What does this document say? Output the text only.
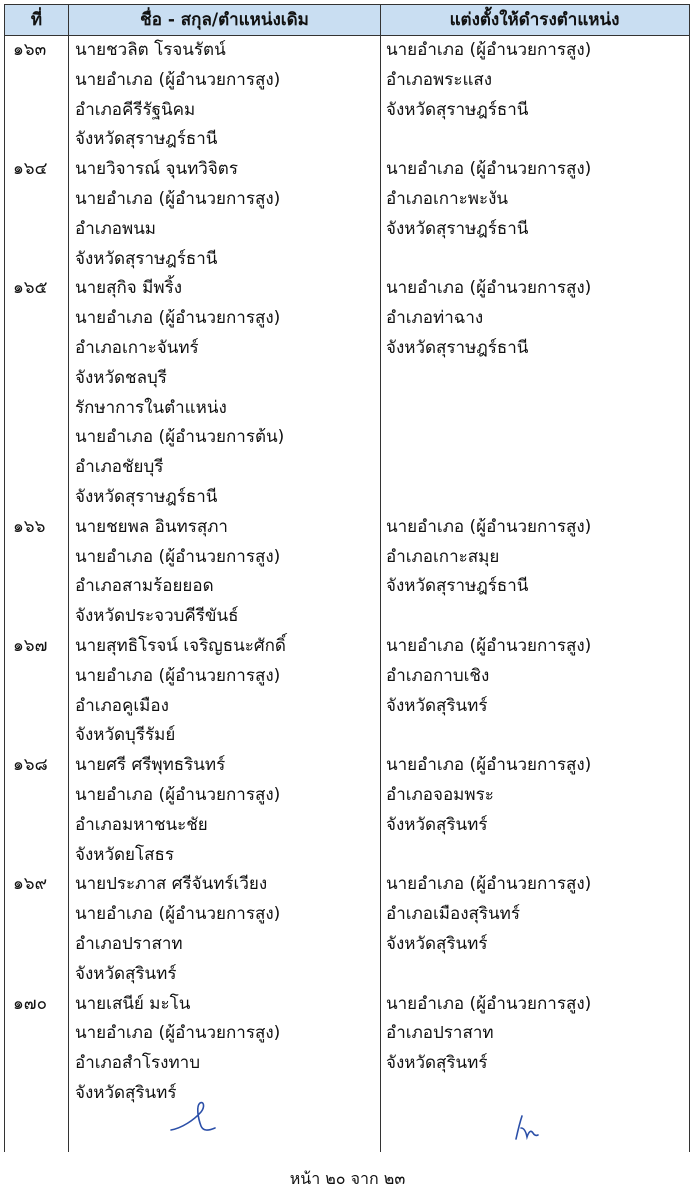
ที่	ชื่อ - สกุล/ตำแหน่งเดิม	แต่งตั้งให้ดำรงตำแหน่ง
๑๖๓ นายชวลิต โรจนรัตน์
นายอำเภอ (ผู้อำนวยการสูง)
อำเภอคีรีรัฐนิคม
จังหวัดสุราษฎร์ธานี
นายอำเภอ (ผู้อำนวยการสูง)
อำเภอพระแสง
จังหวัดสุราษฎร์ธานี
๑๖๔ นายวิจารณ์ จุนทวิจิตร
นายอำเภอ (ผู้อำนวยการสูง)
อำเภอพนม
จังหวัดสุราษฎร์ธานี
นายอำเภอ (ผู้อำนวยการสูง)
อำเภอเกาะพะงัน
จังหวัดสุราษฎร์ธานี
๑๖๕ นายสุกิจ มีพริ้ง
นายอำเภอ (ผู้อำนวยการสูง)
อำเภอเกาะจันทร์
จังหวัดชลบุรี
รักษาการในตำแหน่ง
นายอำเภอ (ผู้อำนวยการต้น)
อำเภอชัยบุรี
จังหวัดสุราษฎร์ธานี
นายอำเภอ (ผู้อำนวยการสูง)
อำเภอท่าฉาง
จังหวัดสุราษฎร์ธานี
๑๖๖ นายชยพล อินทรสุภา
นายอำเภอ (ผู้อำนวยการสูง)
อำเภอสามร้อยยอด
จังหวัดประจวบคีรีขันธ์
นายอำเภอ (ผู้อำนวยการสูง)
อำเภอเกาะสมุย
จังหวัดสุราษฎร์ธานี
๑๖๗ นายสุทธิโรจน์ เจริญธนะศักดิ์
นายอำเภอ (ผู้อำนวยการสูง)
อำเภอคูเมือง
จังหวัดบุรีรัมย์
นายอำเภอ (ผู้อำนวยการสูง)
อำเภอกาบเชิง
จังหวัดสุรินทร์
๑๖๘ นายศรี ศรีพุทธรินทร์
นายอำเภอ (ผู้อำนวยการสูง)
อำเภอมหาชนะชัย
จังหวัดยโสธร
นายอำเภอ (ผู้อำนวยการสูง)
อำเภอจอมพระ
จังหวัดสุรินทร์
๑๖๙ นายประภาส ศรีจันทร์เวียง
นายอำเภอ (ผู้อำนวยการสูง)
อำเภอปราสาท
จังหวัดสุรินทร์
นายอำเภอ (ผู้อำนวยการสูง)
อำเภอเมืองสุรินทร์
จังหวัดสุรินทร์
๑๗๐ นายเสนีย์ มะโน
นายอำเภอ (ผู้อำนวยการสูง)
อำเภอสำโรงทาบ
จังหวัดสุรินทร์
นายอำเภอ (ผู้อำนวยการสูง)
อำเภอปราสาท
จังหวัดสุรินทร์
หน้า ๒๐ จาก ๒๓
